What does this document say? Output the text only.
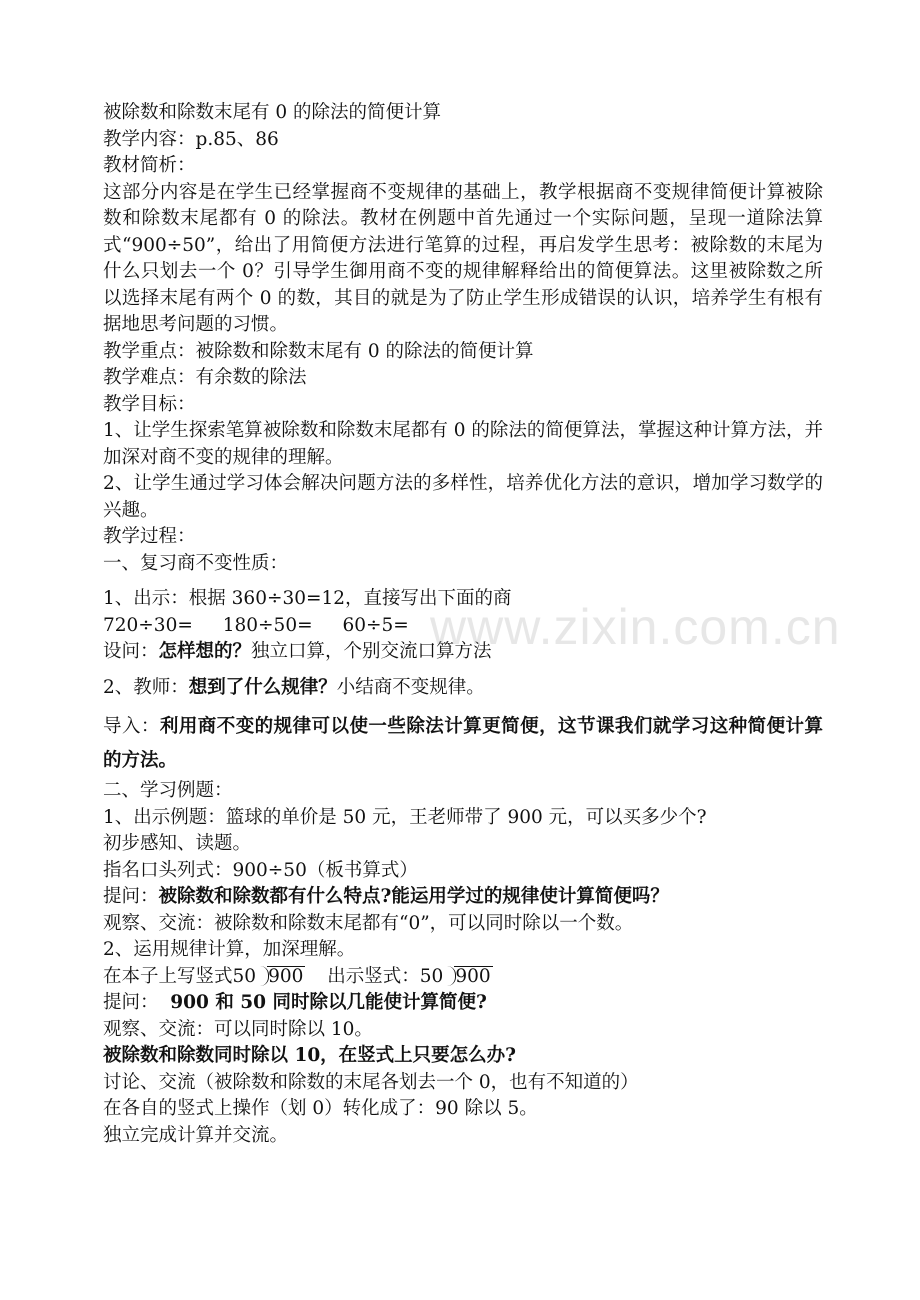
被除数和除数末尾有 0 的除法的简便计算

教学内容：p.85、86

教材简析：

这部分内容是在学生已经掌握商不变规律的基础上，教学根据商不变规律简便计算被除数和除数末尾都有 0 的除法。教材在例题中首先通过一个实际问题，呈现一道除法算式“900÷50”，给出了用简便方法进行笔算的过程，再启发学生思考：被除数的末尾为什么只划去一个 0？引导学生御用商不变的规律解释给出的简便算法。这里被除数之所以选择末尾有两个 0 的数，其目的就是为了防止学生形成错误的认识，培养学生有根有据地思考问题的习惯。

教学重点：被除数和除数末尾有 0 的除法的简便计算

教学难点：有余数的除法

教学目标：

1、让学生探索笔算被除数和除数末尾都有 0 的除法的简便算法，掌握这种计算方法，并加深对商不变的规律的理解。

2、让学生通过学习体会解决问题方法的多样性，培养优化方法的意识，增加学习数学的兴趣。

教学过程：

一、复习商不变性质：

1、出示：根据 360÷30=12，直接写出下面的商

720÷30= 180÷50= 60÷5=

设问：怎样想的？独立口算，个别交流口算方法

2、教师：想到了什么规律？小结商不变规律。

导入：利用商不变的规律可以使一些除法计算更简便，这节课我们就学习这种简便计算的方法。

二、学习例题：

1、出示例题：篮球的单价是 50 元，王老师带了 900 元，可以买多少个?

初步感知、读题。

指名口头列式：900÷50（板书算式）

提问：被除数和除数都有什么特点?能运用学过的规律使计算简便吗？

观察、交流：被除数和除数末尾都有“0”，可以同时除以一个数。

2、运用规律计算，加深理解。

在本子上写竖式50 900 出示竖式：50 900

提问： 900 和 50 同时除以几能使计算简便?

观察、交流：可以同时除以 10。

被除数和除数同时除以 10，在竖式上只要怎么办?

讨论、交流（被除数和除数的末尾各划去一个 0，也有不知道的）

在各自的竖式上操作（划 0）转化成了：90 除以 5。

独立完成计算并交流。

www.zixin.com.cn
